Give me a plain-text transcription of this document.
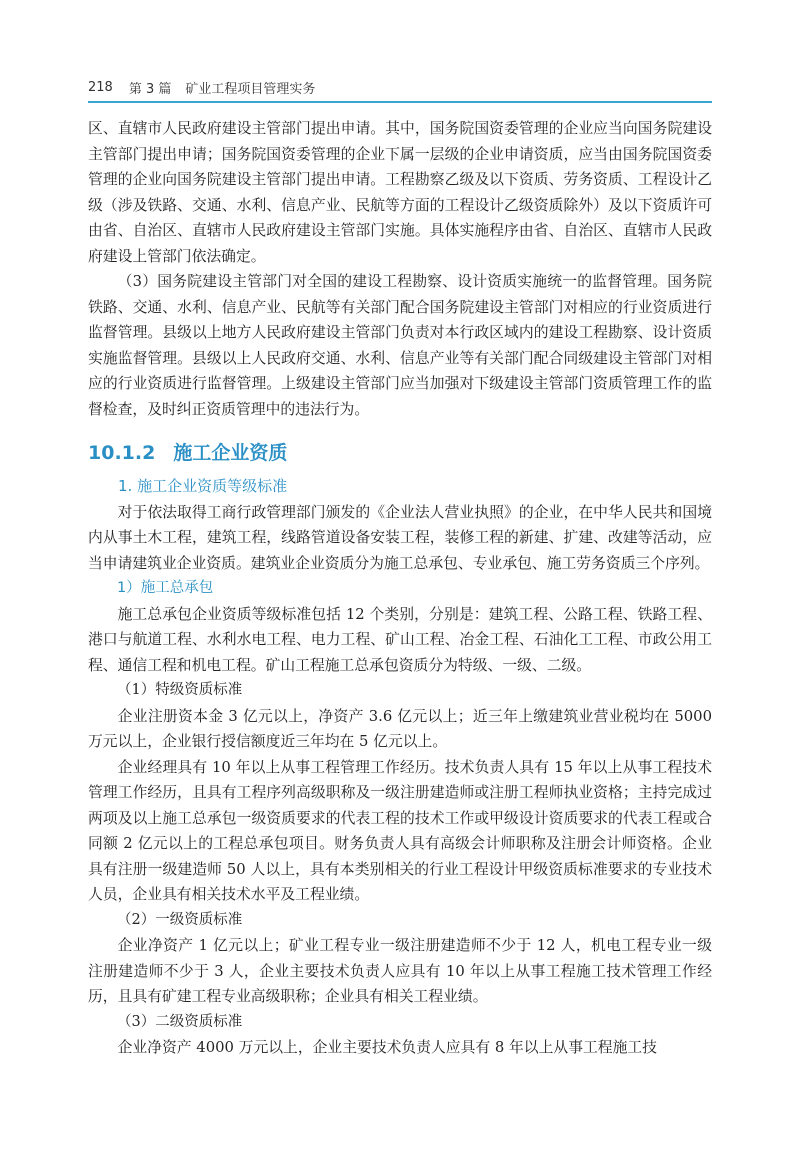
218 第 3 篇 矿业工程项目管理实务

区、直辖市人民政府建设主管部门提出申请。其中，国务院国资委管理的企业应当向国务院建设主管部门提出申请；国务院国资委管理的企业下属一层级的企业申请资质，应当由国务院国资委管理的企业向国务院建设主管部门提出申请。工程勘察乙级及以下资质、劳务资质、工程设计乙级（涉及铁路、交通、水利、信息产业、民航等方面的工程设计乙级资质除外）及以下资质许可由省、自治区、直辖市人民政府建设主管部门实施。具体实施程序由省、自治区、直辖市人民政府建设上管部门依法确定。

（3）国务院建设主管部门对全国的建设工程勘察、设计资质实施统一的监督管理。国务院铁路、交通、水利、信息产业、民航等有关部门配合国务院建设主管部门对相应的行业资质进行监督管理。县级以上地方人民政府建设主管部门负责对本行政区域内的建设工程勘察、设计资质实施监督管理。县级以上人民政府交通、水利、信息产业等有关部门配合同级建设主管部门对相应的行业资质进行监督管理。上级建设主管部门应当加强对下级建设主管部门资质管理工作的监督检查，及时纠正资质管理中的违法行为。

10.1.2 施工企业资质

1. 施工企业资质等级标准

对于依法取得工商行政管理部门颁发的《企业法人营业执照》的企业，在中华人民共和国境内从事土木工程，建筑工程，线路管道设备安装工程，装修工程的新建、扩建、改建等活动，应当申请建筑业企业资质。建筑业企业资质分为施工总承包、专业承包、施工劳务资质三个序列。

1）施工总承包

施工总承包企业资质等级标准包括 12 个类别，分别是：建筑工程、公路工程、铁路工程、港口与航道工程、水利水电工程、电力工程、矿山工程、冶金工程、石油化工工程、市政公用工程、通信工程和机电工程。矿山工程施工总承包资质分为特级、一级、二级。

（1）特级资质标准

企业注册资本金 3 亿元以上，净资产 3.6 亿元以上；近三年上缴建筑业营业税均在 5000 万元以上，企业银行授信额度近三年均在 5 亿元以上。

企业经理具有 10 年以上从事工程管理工作经历。技术负责人具有 15 年以上从事工程技术管理工作经历，且具有工程序列高级职称及一级注册建造师或注册工程师执业资格；主持完成过两项及以上施工总承包一级资质要求的代表工程的技术工作或甲级设计资质要求的代表工程或合同额 2 亿元以上的工程总承包项目。财务负责人具有高级会计师职称及注册会计师资格。企业具有注册一级建造师 50 人以上，具有本类别相关的行业工程设计甲级资质标准要求的专业技术人员，企业具有相关技术水平及工程业绩。

（2）一级资质标准

企业净资产 1 亿元以上；矿业工程专业一级注册建造师不少于 12 人，机电工程专业一级注册建造师不少于 3 人，企业主要技术负责人应具有 10 年以上从事工程施工技术管理工作经历，且具有矿建工程专业高级职称；企业具有相关工程业绩。

（3）二级资质标准

企业净资产 4000 万元以上，企业主要技术负责人应具有 8 年以上从事工程施工技
